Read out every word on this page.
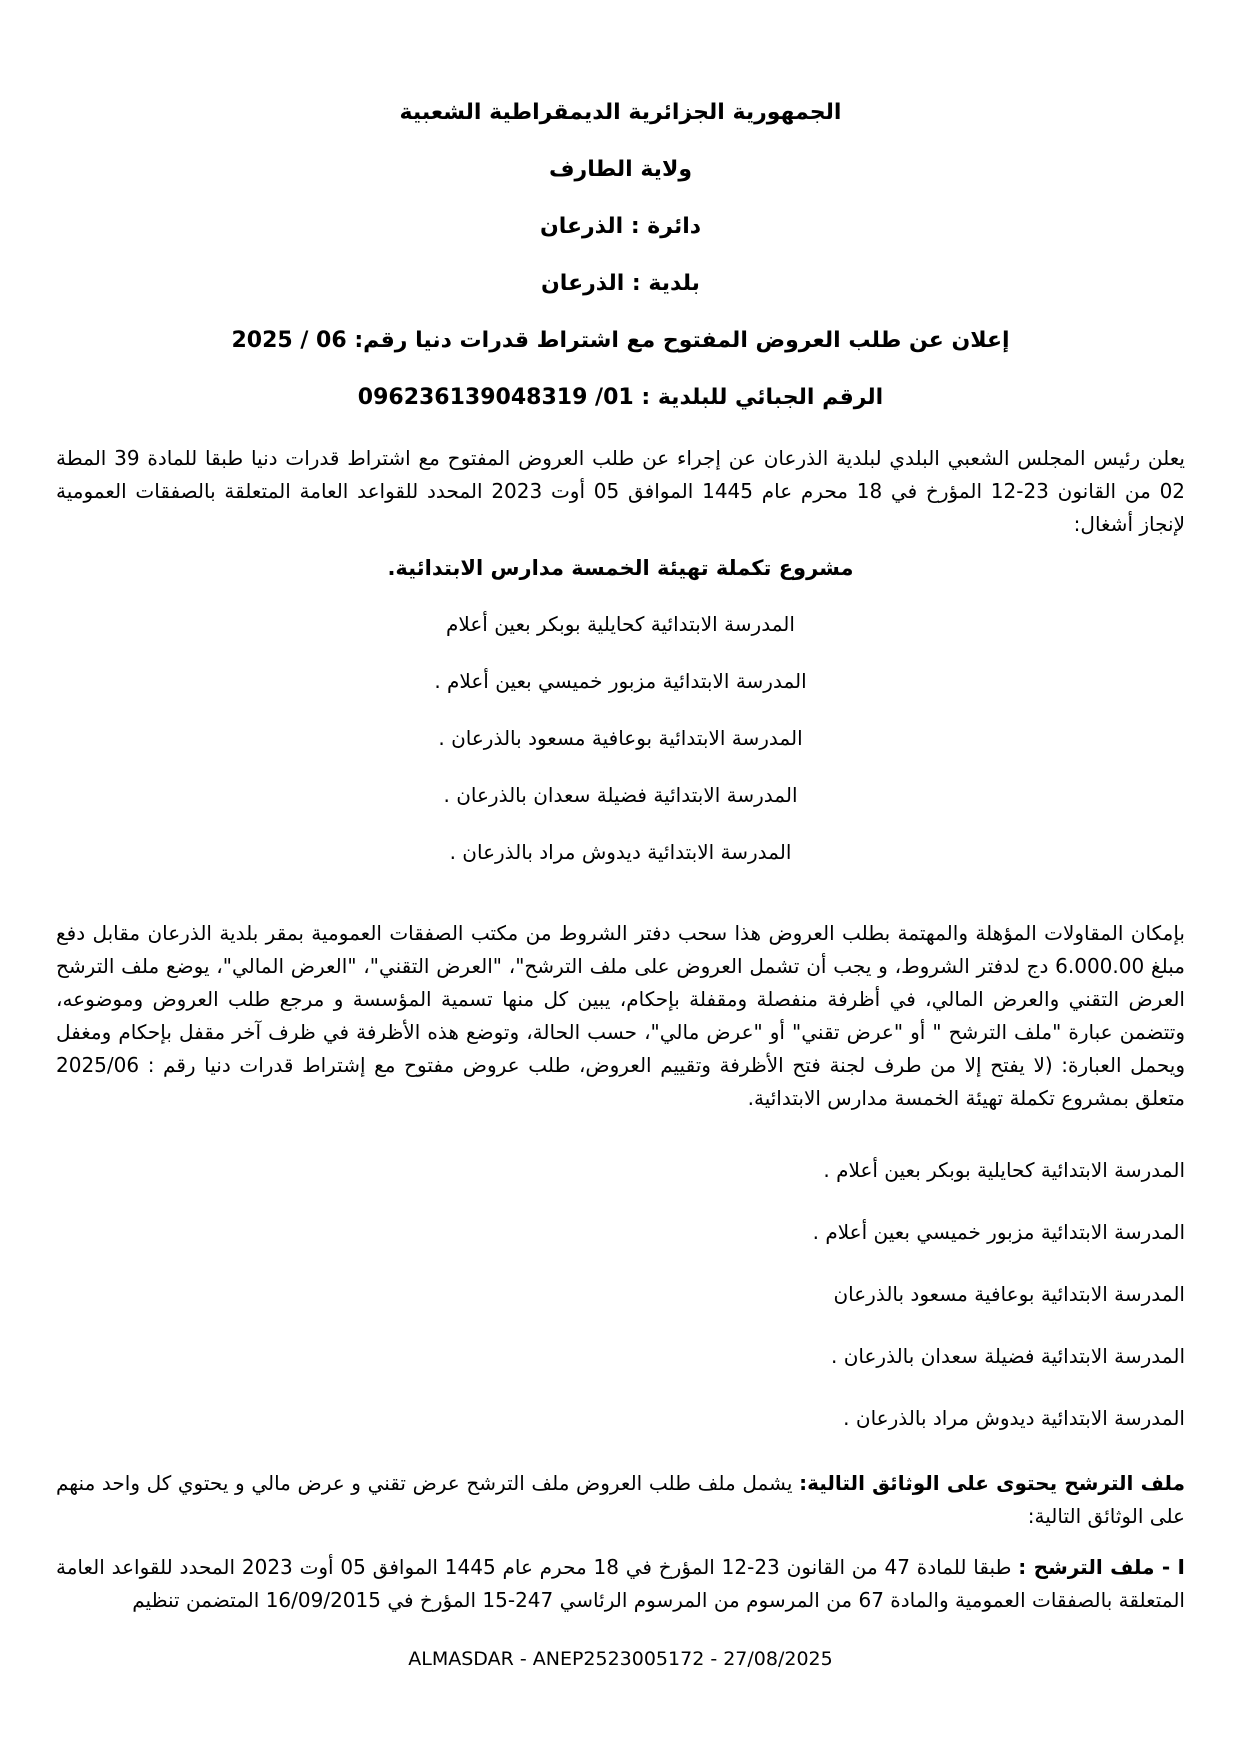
الجمهورية الجزائرية الديمقراطية الشعبية

ولاية الطارف

دائرة : الذرعان

بلدية : الذرعان

إعلان عن طلب العروض المفتوح مع اشتراط قدرات دنيا رقم: 06 / 2025

الرقم الجبائي للبلدية : 01/ 096236139048319

يعلن رئيس المجلس الشعبي البلدي لبلدية الذرعان عن إجراء عن طلب العروض المفتوح مع اشتراط قدرات دنيا طبقا للمادة 39 المطة 02 من القانون 23-12 المؤرخ في 18 محرم عام 1445 الموافق 05 أوت 2023 المحدد للقواعد العامة المتعلقة بالصفقات العمومية لإنجاز أشغال:

مشروع تكملة تهيئة الخمسة مدارس الابتدائية.

المدرسة الابتدائية كحايلية بوبكر بعين أعلام

المدرسة الابتدائية مزبور خميسي بعين أعلام .

المدرسة الابتدائية بوعافية مسعود بالذرعان .

المدرسة الابتدائية فضيلة سعدان بالذرعان .

المدرسة الابتدائية ديدوش مراد بالذرعان .

بإمكان المقاولات المؤهلة والمهتمة بطلب العروض هذا سحب دفتر الشروط من مكتب الصفقات العمومية بمقر بلدية الذرعان مقابل دفع مبلغ 6.000.00 دج لدفتر الشروط، و يجب أن تشمل العروض على ملف الترشح"، "العرض التقني"، "العرض المالي"، يوضع ملف الترشح العرض التقني والعرض المالي، في أظرفة منفصلة ومقفلة بإحكام، يبين كل منها تسمية المؤسسة و مرجع طلب العروض وموضوعه، وتتضمن عبارة "ملف الترشح " أو "عرض تقني" أو "عرض مالي"، حسب الحالة، وتوضع هذه الأظرفة في ظرف آخر مقفل بإحكام ومغفل ويحمل العبارة: (لا يفتح إلا من طرف لجنة فتح الأظرفة وتقييم العروض، طلب عروض مفتوح مع إشتراط قدرات دنيا رقم : 2025/06 متعلق بمشروع تكملة تهيئة الخمسة مدارس الابتدائية.

المدرسة الابتدائية كحايلية بوبكر بعين أعلام .

المدرسة الابتدائية مزبور خميسي بعين أعلام .

المدرسة الابتدائية بوعافية مسعود بالذرعان

المدرسة الابتدائية فضيلة سعدان بالذرعان .

المدرسة الابتدائية ديدوش مراد بالذرعان .

ملف الترشح يحتوى على الوثائق التالية: يشمل ملف طلب العروض ملف الترشح عرض تقني و عرض مالي و يحتوي كل واحد منهم على الوثائق التالية:

I - ملف الترشح : طبقا للمادة 47 من القانون 23-12 المؤرخ في 18 محرم عام 1445 الموافق 05 أوت 2023 المحدد للقواعد العامة المتعلقة بالصفقات العمومية والمادة 67 من المرسوم من المرسوم الرئاسي 247-15 المؤرخ في 16/09/2015 المتضمن تنظيم

ALMASDAR - ANEP2523005172 - 27/08/2025
